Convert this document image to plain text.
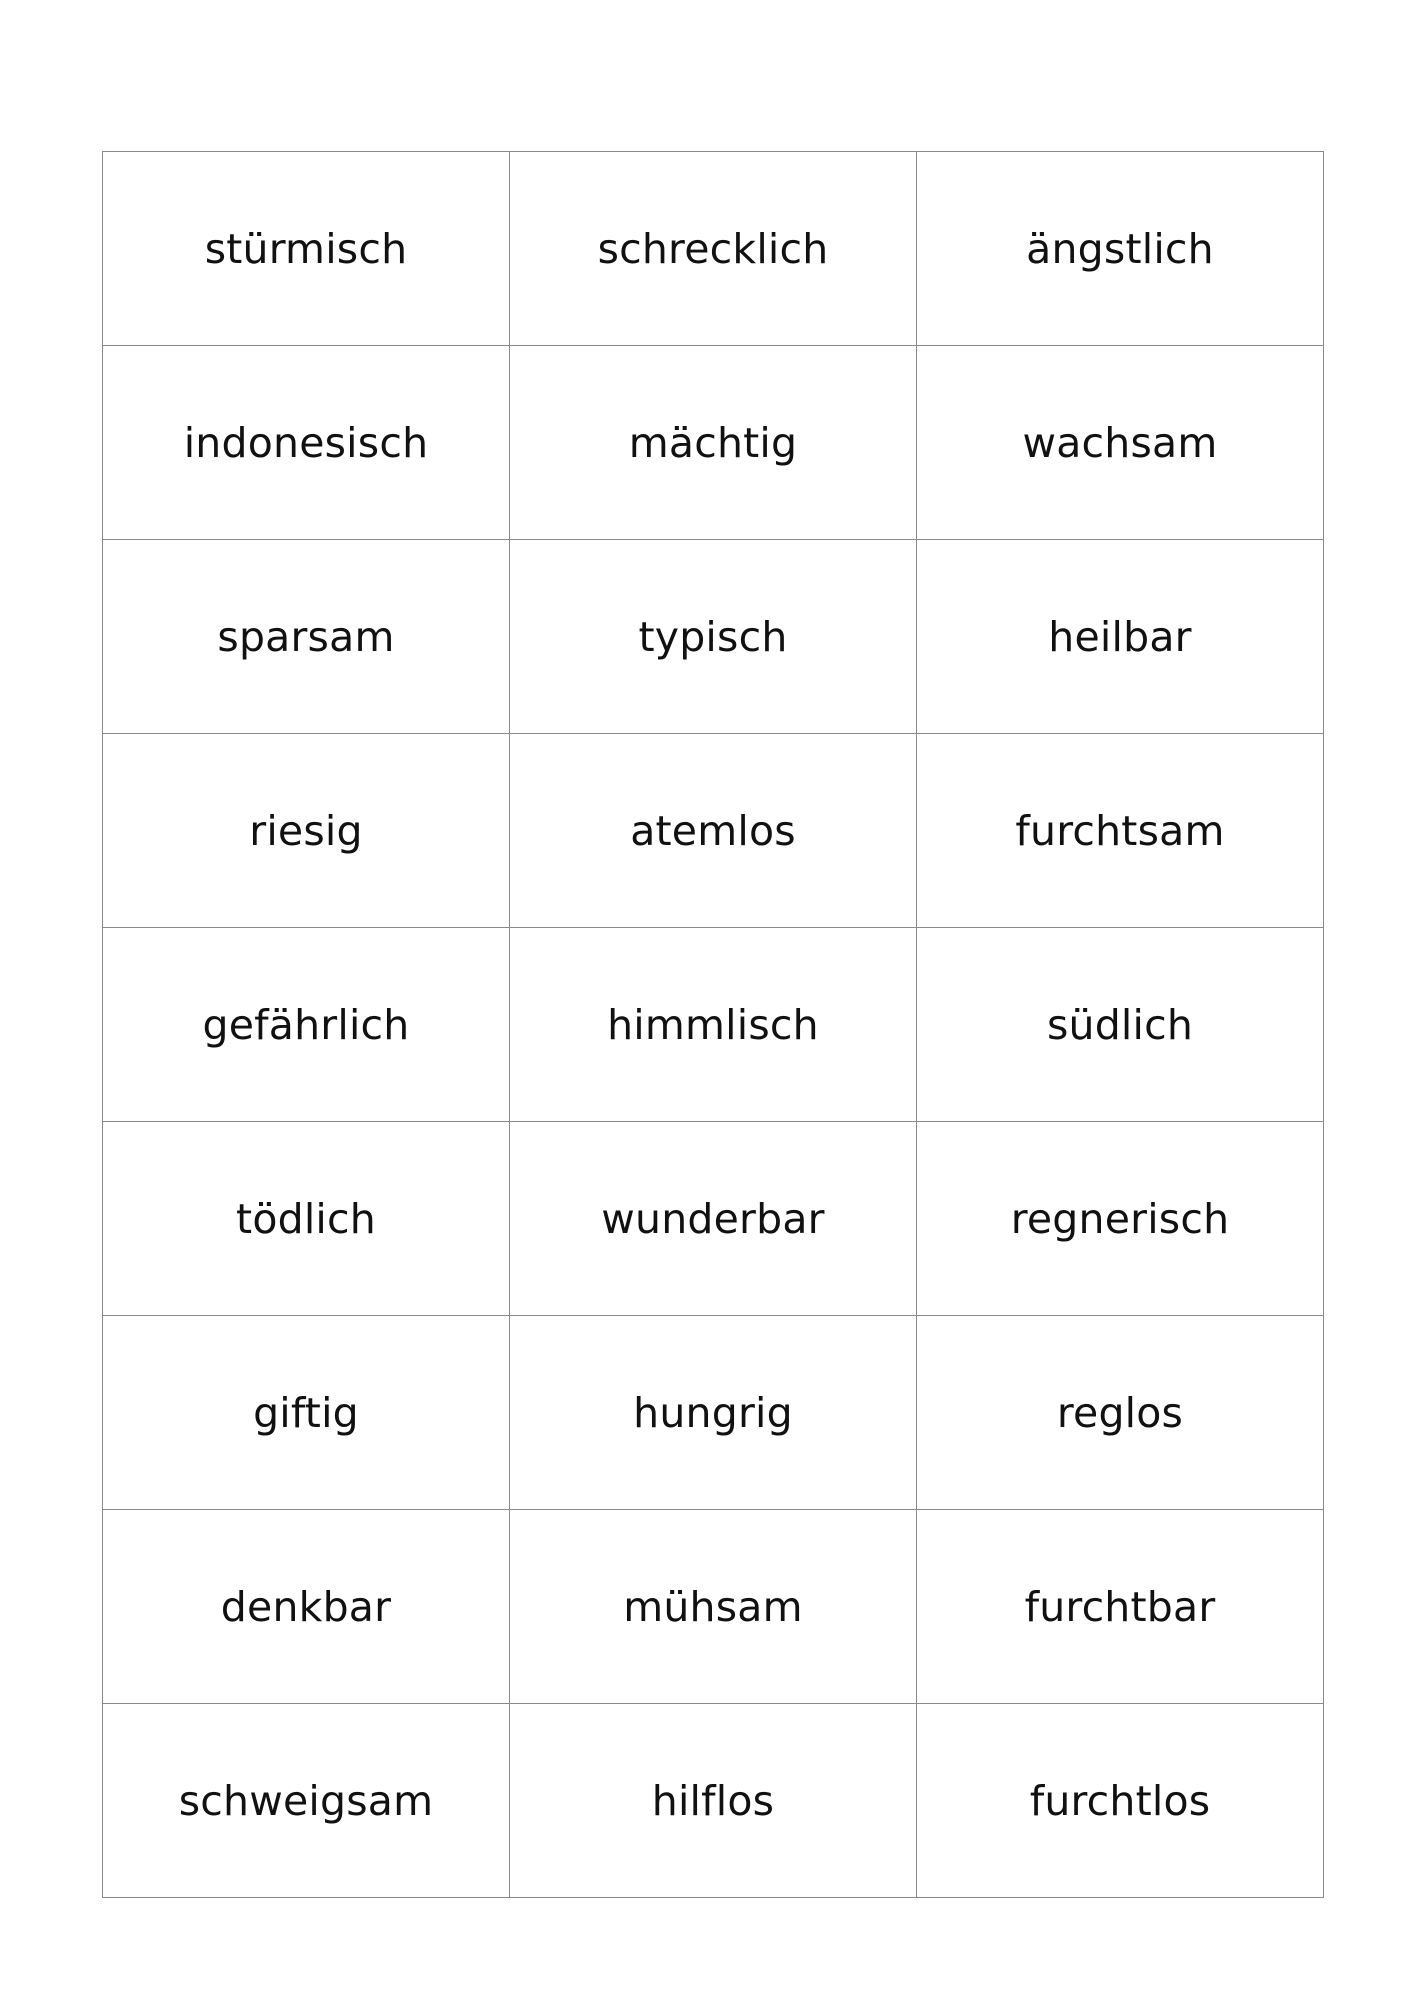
stürmisch	schrecklich	ängstlich
indonesisch	mächtig	wachsam
sparsam	typisch	heilbar
riesig	atemlos	furchtsam
gefährlich	himmlisch	südlich
tödlich	wunderbar	regnerisch
giftig	hungrig	reglos
denkbar	mühsam	furchtbar
schweigsam	hilflos	furchtlos
